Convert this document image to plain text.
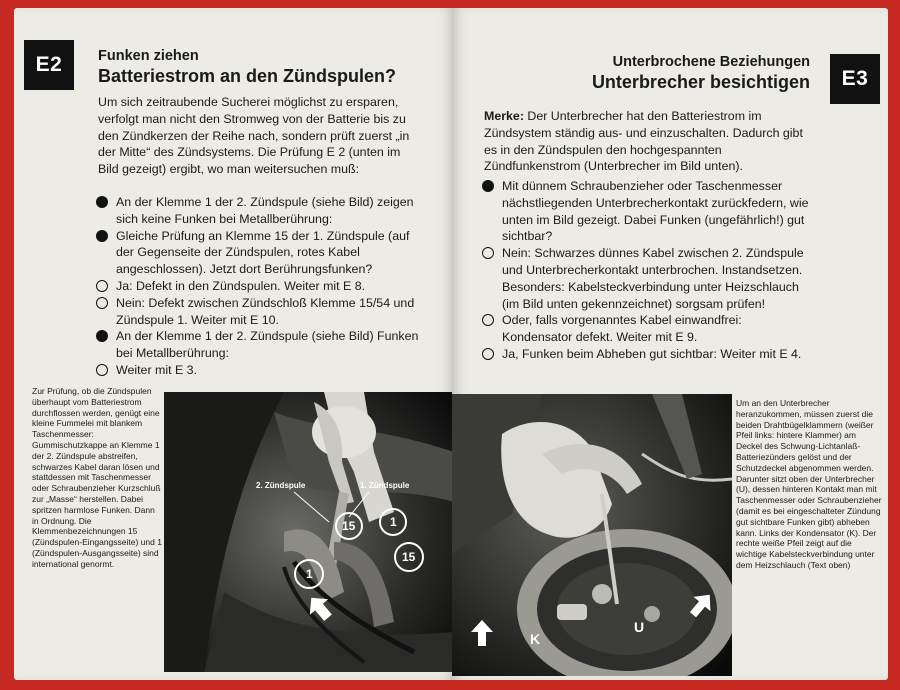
E2	Funken ziehen
Batteriestrom an den Zündspulen?
Um sich zeitraubende Sucherei möglichst zu ersparen, verfolgt man nicht den Stromweg von der Batterie bis zu den Zündkerzen der Reihe nach, sondern prüft zuerst „in der Mitte“ des Zündsystems. Die Prüfung E 2 (unten im Bild gezeigt) ergibt, wo man weitersuchen muß:
An der Klemme 1 der 2. Zündspule (siehe Bild) zeigen sich keine Funken bei Metallberührung:
Gleiche Prüfung an Klemme 15 der 1. Zündspule (auf der Gegenseite der Zündspulen, rotes Kabel angeschlossen). Jetzt dort Berührungsfunken?
Ja: Defekt in den Zündspulen. Weiter mit E 8.
Nein: Defekt zwischen Zündschloß Klemme 15/54 und Zündspule 1. Weiter mit E 10.
An der Klemme 1 der 2. Zündspule (siehe Bild) Funken bei Metallberührung:
Weiter mit E 3.
Zur Prüfung, ob die Zündspulen überhaupt vom Batteriestrom durchflossen werden, genügt eine kleine Fummelei mit blankem Taschenmesser: Gummischutzkappe an Klemme 1 der 2. Zündspule abstreifen, schwarzes Kabel daran lösen und stattdessen mit Taschenmesser oder Schraubenzieher Kurzschluß zur „Masse“ herstellen. Dabei spritzen harmlose Funken. Dann in Ordnung. Die Klemmenbezeichnungen 15 (Zündspulen-Eingangsseite) und 1 (Zündspulen-Ausgangsseite) sind international genormt.
2. Zündspule	1. Zündspule
15	1
15
1
Unterbrochene Beziehungen
Unterbrecher besichtigen	E3
Merke: Der Unterbrecher hat den Batteriestrom im Zündsystem ständig aus- und einzuschalten. Dadurch gibt es in den Zündspulen den hochgespannten Zündfunkenstrom (Unterbrecher im Bild unten).
Mit dünnem Schraubenzieher oder Taschenmesser nächstliegenden Unterbrecherkontakt zurückfedern, wie unten im Bild gezeigt. Dabei Funken (ungefährlich!) gut sichtbar?
Nein: Schwarzes dünnes Kabel zwischen 2. Zündspule und Unterbrecherkontakt unterbrochen. Instandsetzen. Besonders: Kabelsteckverbindung unter Heizschlauch (im Bild unten gekennzeichnet) sorgsam prüfen!
Oder, falls vorgenanntes Kabel einwandfrei: Kondensator defekt. Weiter mit E 9.
Ja, Funken beim Abheben gut sichtbar: Weiter mit E 4.
K
U
Um an den Unterbrecher heranzukommen, müssen zuerst die beiden Drahtbügelklammern (weißer Pfeil links: hintere Klammer) am Deckel des Schwung-Lichtanlaß-Batteriezünders gelöst und der Schutzdeckel abgenommen werden. Darunter sitzt oben der Unterbrecher (U), dessen hinteren Kontakt man mit Taschenmesser oder Schraubenzieher (damit es bei eingeschalteter Zündung gut sichtbare Funken gibt) abheben kann. Links der Kondensator (K). Der rechte weiße Pfeil zeigt auf die wichtige Kabelsteckverbindung unter dem Heizschlauch (Text oben)
